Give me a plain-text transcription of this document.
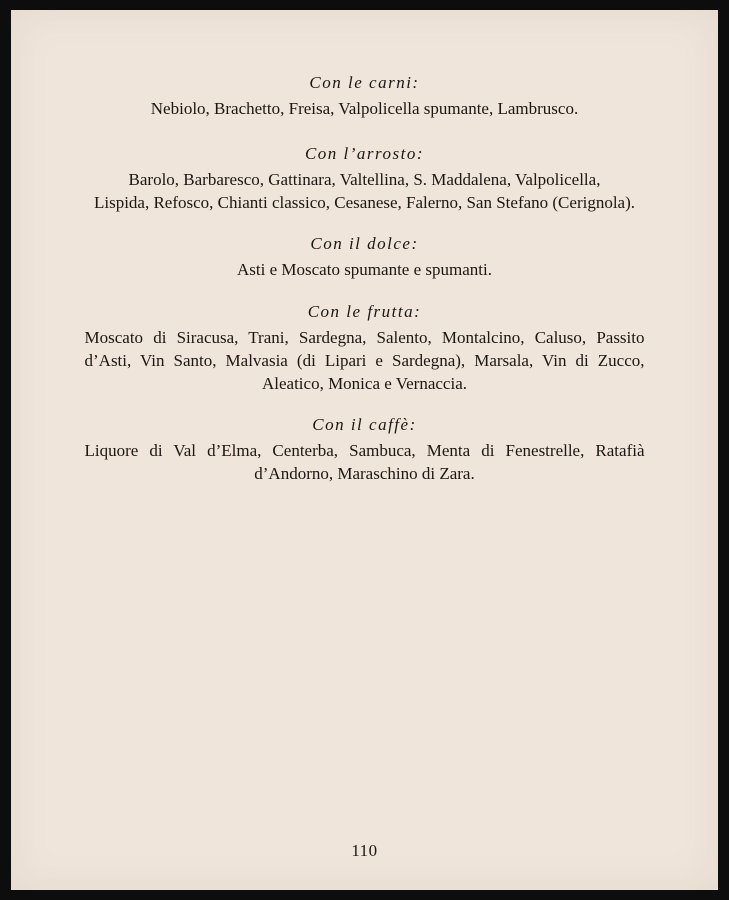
Con le carni:
Nebiolo, Brachetto, Freisa, Valpolicella spumante, Lambrusco.
Con l’arrosto:
Barolo, Barbaresco, Gattinara, Valtellina, S. Maddalena, Valpolicella,
Lispida, Refosco, Chianti classico, Cesanese, Falerno, San Stefano (Cerignola).
Con il dolce:
Asti e Moscato spumante e spumanti.
Con le frutta:
Moscato di Siracusa, Trani, Sardegna, Salento, Montalcino, Caluso, Passito
d’Asti, Vin Santo, Malvasia (di Lipari e Sardegna), Marsala, Vin di Zucco,
Aleatico, Monica e Vernaccia.
Con il caffè:
Liquore di Val d’Elma, Centerba, Sambuca, Menta di Fenestrelle, Ratafià
d’Andorno, Maraschino di Zara.
110
